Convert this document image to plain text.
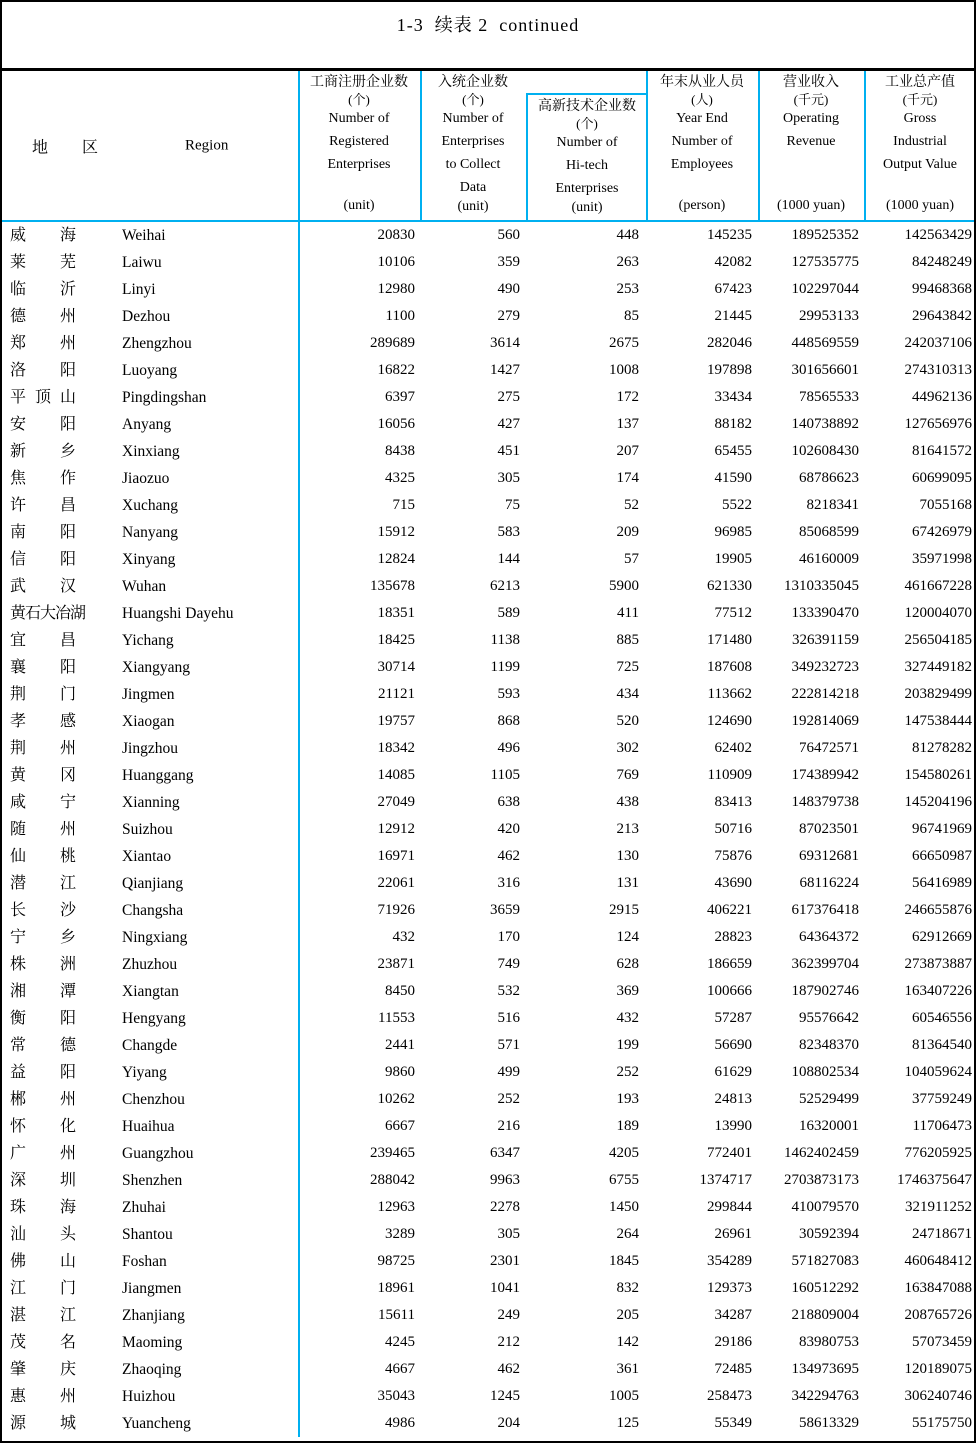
1-3  续表 2  continued
地 区	Region
工商注册企业数
(个)
Number of
Registered
Enterprises
(unit)
入统企业数
(个)
Number of
Enterprises
to Collect
Data
(unit)
高新技术企业数
(个)
Number of
Hi-tech
Enterprises
(unit)
年末从业人员
(人)
Year End
Number of
Employees
(person)
营业收入
(千元)
Operating
Revenue
(1000 yuan)
工业总产值
(千元)
Gross
Industrial
Output Value
(1000 yuan)
威海	Weihai	20830	560	448	145235	189525352	142563429
莱芜	Laiwu	10106	359	263	42082	127535775	84248249
临沂	Linyi	12980	490	253	67423	102297044	99468368
德州	Dezhou	1100	279	85	21445	29953133	29643842
郑州	Zhengzhou	289689	3614	2675	282046	448569559	242037106
洛阳	Luoyang	16822	1427	1008	197898	301656601	274310313
平顶山	Pingdingshan	6397	275	172	33434	78565533	44962136
安阳	Anyang	16056	427	137	88182	140738892	127656976
新乡	Xinxiang	8438	451	207	65455	102608430	81641572
焦作	Jiaozuo	4325	305	174	41590	68786623	60699095
许昌	Xuchang	715	75	52	5522	8218341	7055168
南阳	Nanyang	15912	583	209	96985	85068599	67426979
信阳	Xinyang	12824	144	57	19905	46160009	35971998
武汉	Wuhan	135678	6213	5900	621330	1310335045	461667228
黄石大冶湖 Huangshi Dayehu	18351	589	411	77512	133390470	120004070
宜昌	Yichang	18425	1138	885	171480	326391159	256504185
襄阳	Xiangyang	30714	1199	725	187608	349232723	327449182
荆门	Jingmen	21121	593	434	113662	222814218	203829499
孝感	Xiaogan	19757	868	520	124690	192814069	147538444
荆州	Jingzhou	18342	496	302	62402	76472571	81278282
黄冈	Huanggang	14085	1105	769	110909	174389942	154580261
咸宁	Xianning	27049	638	438	83413	148379738	145204196
随州	Suizhou	12912	420	213	50716	87023501	96741969
仙桃	Xiantao	16971	462	130	75876	69312681	66650987
潜江	Qianjiang	22061	316	131	43690	68116224	56416989
长沙	Changsha	71926	3659	2915	406221	617376418	246655876
宁乡	Ningxiang	432	170	124	28823	64364372	62912669
株洲	Zhuzhou	23871	749	628	186659	362399704	273873887
湘潭	Xiangtan	8450	532	369	100666	187902746	163407226
衡阳	Hengyang	11553	516	432	57287	95576642	60546556
常德	Changde	2441	571	199	56690	82348370	81364540
益阳	Yiyang	9860	499	252	61629	108802534	104059624
郴州	Chenzhou	10262	252	193	24813	52529499	37759249
怀化	Huaihua	6667	216	189	13990	16320001	11706473
广州	Guangzhou	239465	6347	4205	772401	1462402459	776205925
深圳	Shenzhen	288042	9963	6755	1374717	2703873173	1746375647
珠海	Zhuhai	12963	2278	1450	299844	410079570	321911252
汕头	Shantou	3289	305	264	26961	30592394	24718671
佛山	Foshan	98725	2301	1845	354289	571827083	460648412
江门	Jiangmen	18961	1041	832	129373	160512292	163847088
湛江	Zhanjiang	15611	249	205	34287	218809004	208765726
茂名	Maoming	4245	212	142	29186	83980753	57073459
肇庆	Zhaoqing	4667	462	361	72485	134973695	120189075
惠州	Huizhou	35043	1245	1005	258473	342294763	306240746
源城	Yuancheng	4986	204	125	55349	58613329	55175750
